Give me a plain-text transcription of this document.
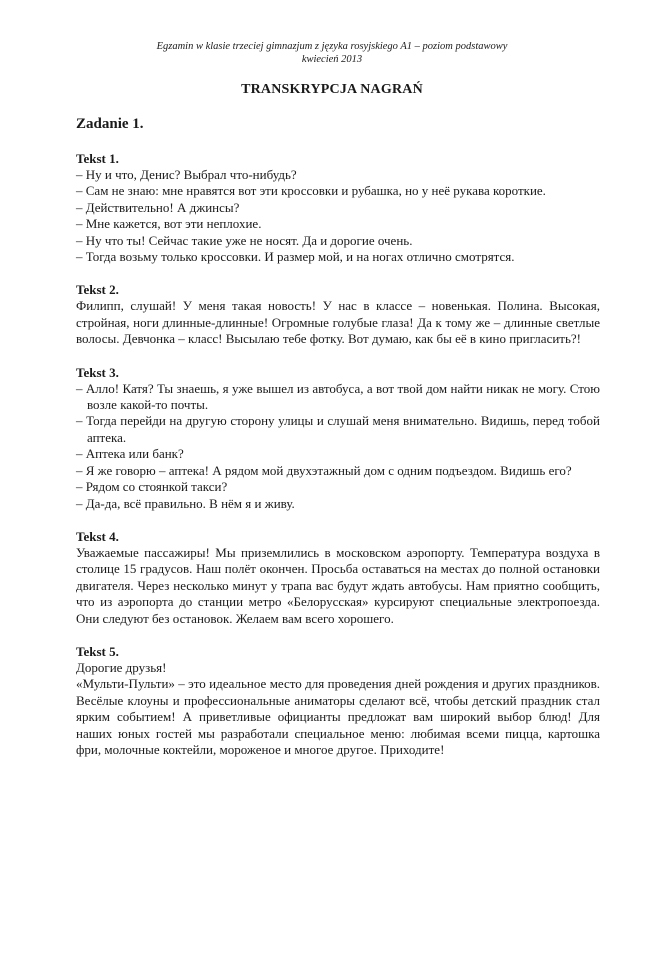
Egzamin w klasie trzeciej gimnazjum z języka rosyjskiego A1 – poziom podstawowy
kwiecień 2013
TRANSKRYPCJA NAGRAŃ
Zadanie 1.
Tekst 1.
– Ну и что, Денис? Выбрал что-нибудь?
– Сам не знаю: мне нравятся вот эти кроссовки и рубашка, но у неё рукава короткие.
– Действительно! А джинсы?
– Мне кажется, вот эти неплохие.
– Ну что ты! Сейчас такие уже не носят. Да и дорогие очень.
– Тогда возьму только кроссовки. И размер мой, и на ногах отлично смотрятся.
Tekst 2.
Филипп, слушай! У меня такая новость! У нас в классе – новенькая. Полина. Высокая, стройная, ноги длинные-длинные! Огромные голубые глаза! Да к тому же – длинные светлые волосы. Девчонка – класс! Высылаю тебе фотку. Вот думаю, как бы её в кино пригласить?!
Tekst 3.
– Алло! Катя? Ты знаешь, я уже вышел из автобуса, а вот твой дом найти никак не могу. Стою возле какой-то почты.
– Тогда перейди на другую сторону улицы и слушай меня внимательно. Видишь, перед тобой аптека.
– Аптека или банк?
– Я же говорю – аптека! А рядом мой двухэтажный дом с одним подъездом. Видишь его?
– Рядом со стоянкой такси?
– Да-да, всё правильно. В нём я и живу.
Tekst 4.
Уважаемые пассажиры! Мы приземлились в московском аэропорту. Температура воздуха в столице 15 градусов. Наш полёт окончен. Просьба оставаться на местах до полной остановки двигателя. Через несколько минут у трапа вас будут ждать автобусы. Нам приятно сообщить, что из аэропорта до станции метро «Белорусская» курсируют специальные электропоезда. Они следуют без остановок. Желаем вам всего хорошего.
Tekst 5.
Дорогие друзья!
«Мульти-Пульти» – это идеальное место для проведения дней рождения и других праздников. Весёлые клоуны и профессиональные аниматоры сделают всё, чтобы детский праздник стал ярким событием! А приветливые официанты предложат вам широкий выбор блюд! Для наших юных гостей мы разработали специальное меню: любимая всеми пицца, картошка фри, молочные коктейли, мороженое и многое другое. Приходите!
